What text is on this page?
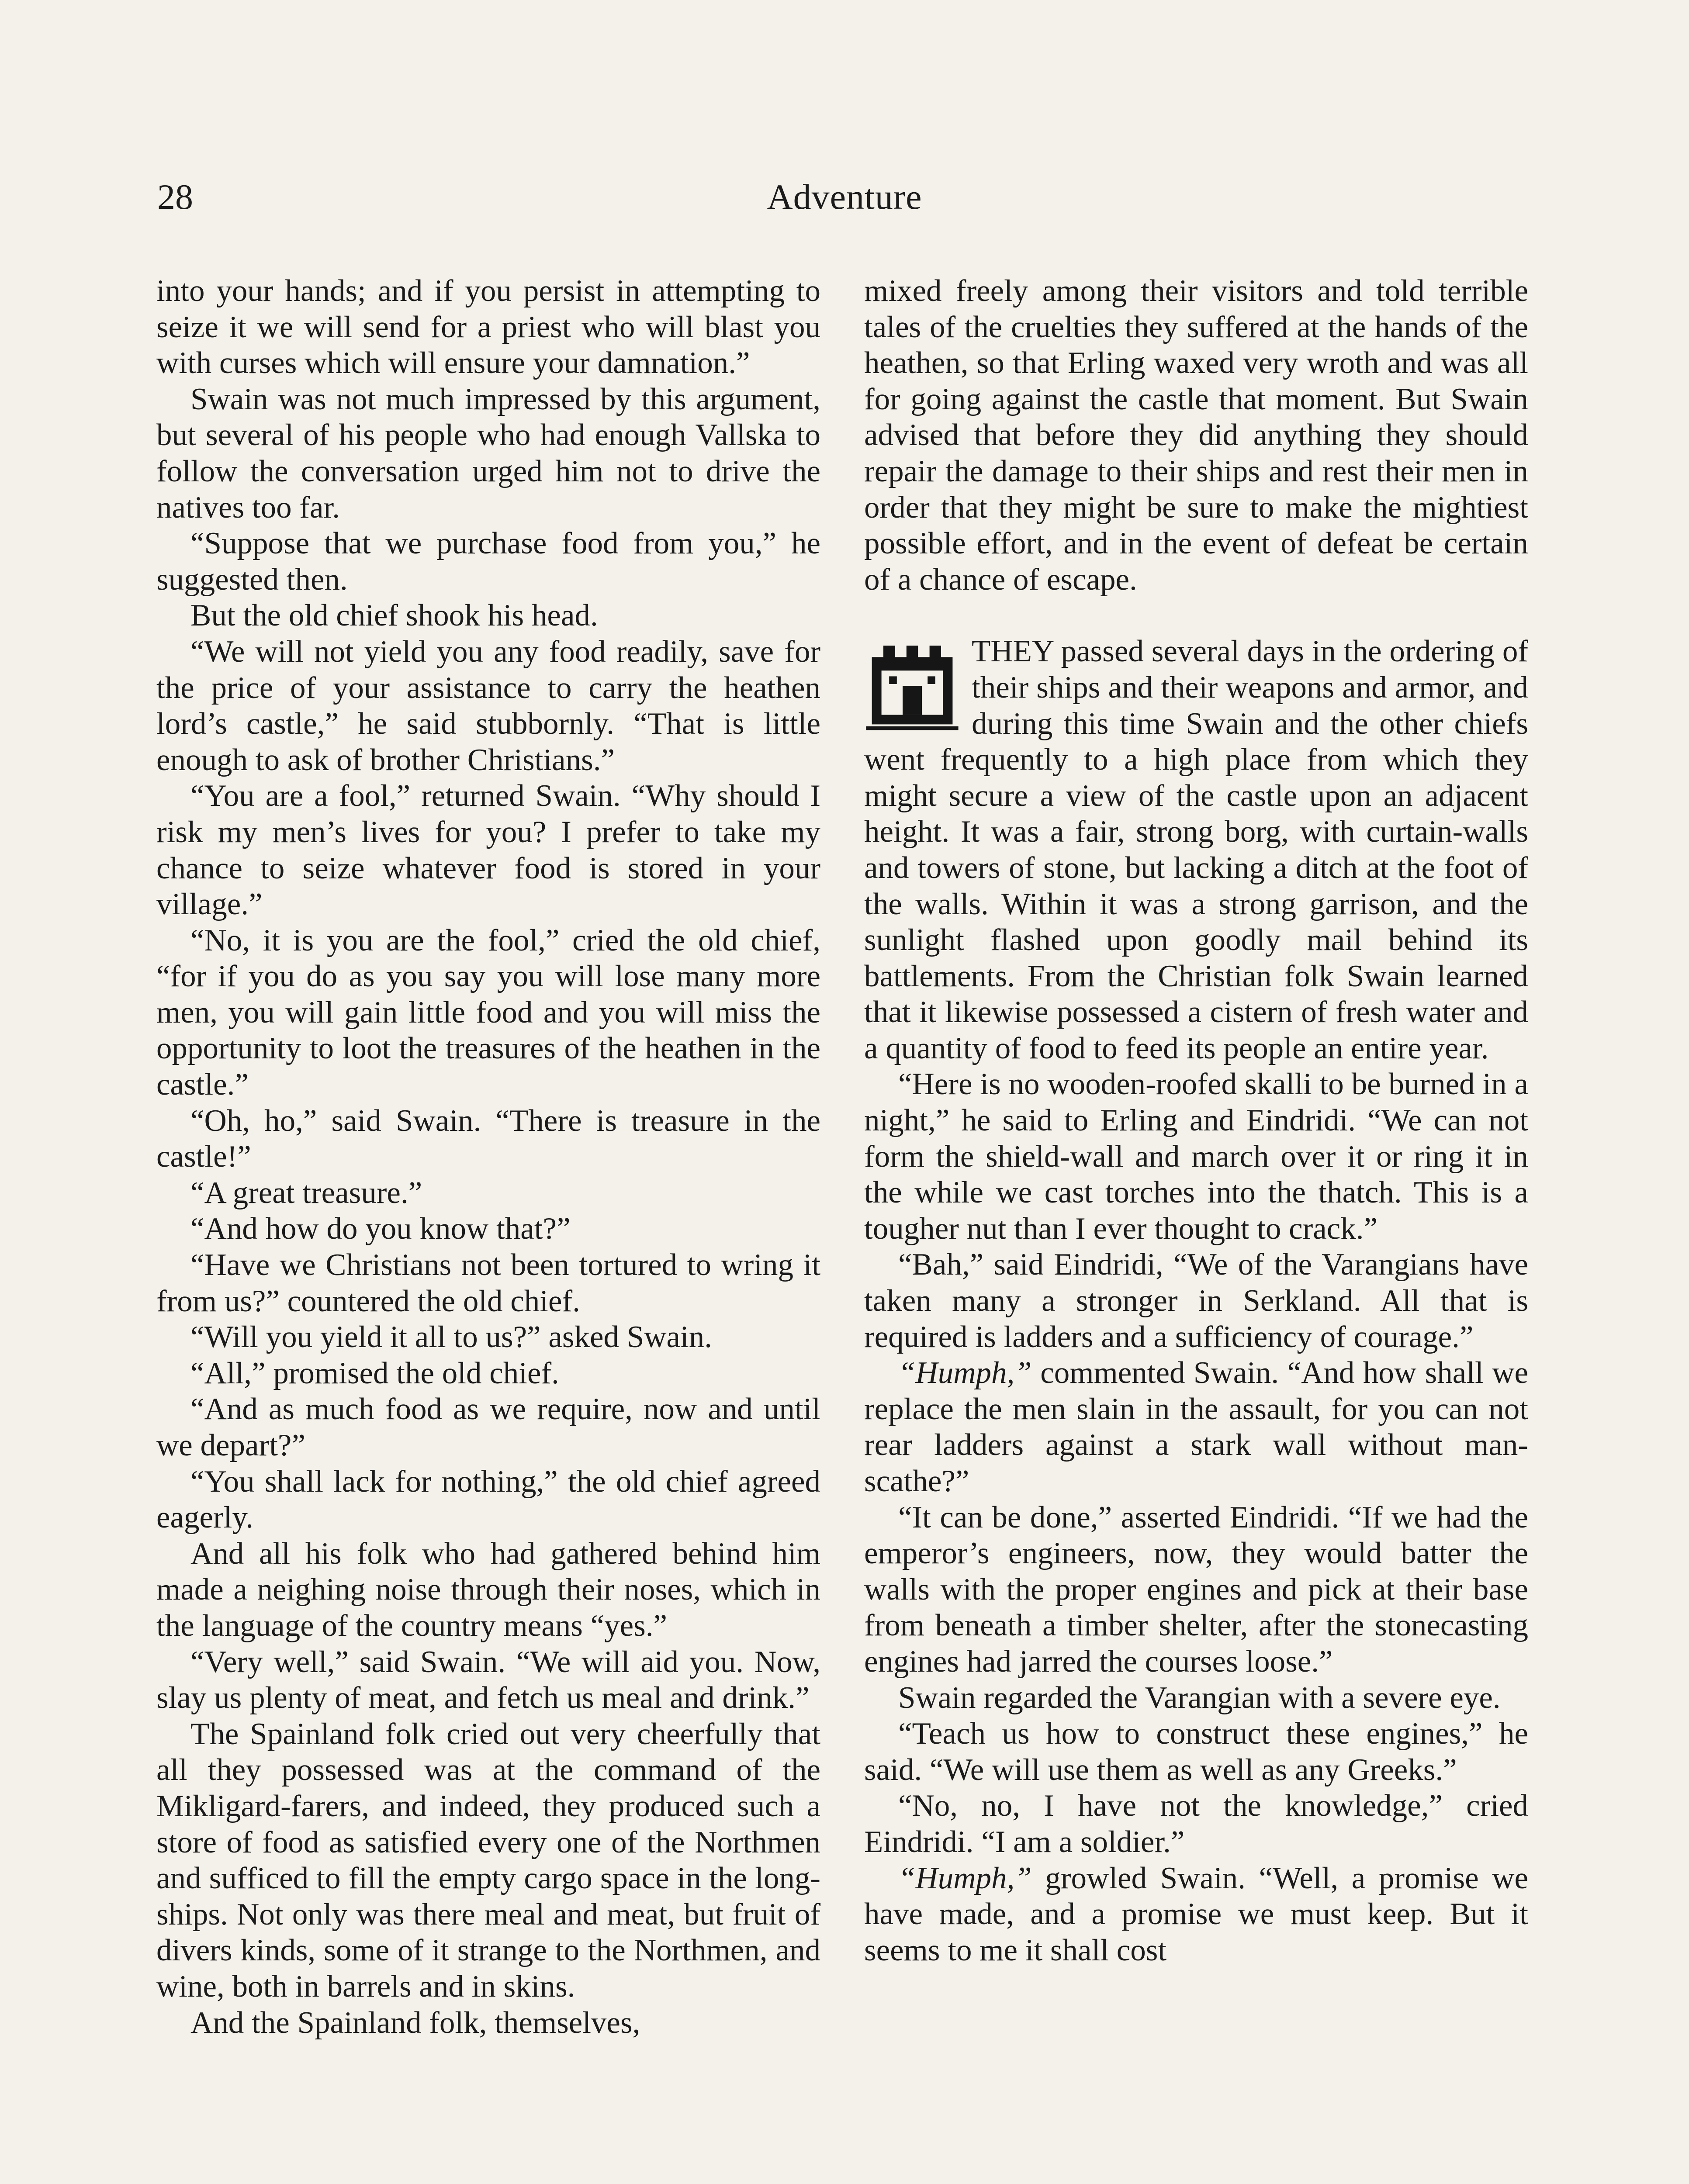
28	Adventure

into your hands; and if you persist in attempting to seize it we will send for a priest who will blast you with curses which will ensure your damnation.”

Swain was not much impressed by this argument, but several of his people who had enough Vallska to follow the conversation urged him not to drive the natives too far.

“Suppose that we purchase food from you,” he suggested then.

But the old chief shook his head.

“We will not yield you any food readily, save for the price of your assistance to carry the heathen lord’s castle,” he said stubbornly. “That is little enough to ask of brother Christians.”

“You are a fool,” returned Swain. “Why should I risk my men’s lives for you? I prefer to take my chance to seize whatever food is stored in your village.”

“No, it is you are the fool,” cried the old chief, “for if you do as you say you will lose many more men, you will gain little food and you will miss the opportunity to loot the treasures of the heathen in the castle.”

“Oh, ho,” said Swain. “There is treasure in the castle!”

“A great treasure.”

“And how do you know that?”

“Have we Christians not been tortured to wring it from us?” countered the old chief.

“Will you yield it all to us?” asked Swain.

“All,” promised the old chief.

“And as much food as we require, now and until we depart?”

“You shall lack for nothing,” the old chief agreed eagerly.

And all his folk who had gathered behind him made a neighing noise through their noses, which in the language of the country means “yes.”

“Very well,” said Swain. “We will aid you. Now, slay us plenty of meat, and fetch us meal and drink.”

The Spainland folk cried out very cheerfully that all they possessed was at the command of the Mikligard-farers, and indeed, they produced such a store of food as satisfied every one of the Northmen and sufficed to fill the empty cargo space in the long-ships. Not only was there meal and meat, but fruit of divers kinds, some of it strange to the Northmen, and wine, both in barrels and in skins.

And the Spainland folk, themselves,

mixed freely among their visitors and told terrible tales of the cruelties they suffered at the hands of the heathen, so that Erling waxed very wroth and was all for going against the castle that moment. But Swain advised that before they did anything they should repair the damage to their ships and rest their men in order that they might be sure to make the mightiest possible effort, and in the event of defeat be certain of a chance of escape.

THEY passed several days in the ordering of their ships and their weapons and armor, and during this time Swain and the other chiefs went frequently to a high place from which they might secure a view of the castle upon an adjacent height. It was a fair, strong borg, with curtain-walls and towers of stone, but lacking a ditch at the foot of the walls. Within it was a strong garrison, and the sunlight flashed upon goodly mail behind its battlements. From the Christian folk Swain learned that it likewise possessed a cistern of fresh water and a quantity of food to feed its people an entire year.

“Here is no wooden-roofed skalli to be burned in a night,” he said to Erling and Eindridi. “We can not form the shield-wall and march over it or ring it in the while we cast torches into the thatch. This is a tougher nut than I ever thought to crack.”

“Bah,” said Eindridi, “We of the Varangians have taken many a stronger in Serkland. All that is required is ladders and a sufficiency of courage.”

“Humph,” commented Swain. “And how shall we replace the men slain in the assault, for you can not rear ladders against a stark wall without man-scathe?”

“It can be done,” asserted Eindridi. “If we had the emperor’s engineers, now, they would batter the walls with the proper engines and pick at their base from beneath a timber shelter, after the stonecasting engines had jarred the courses loose.”

Swain regarded the Varangian with a severe eye.

“Teach us how to construct these engines,” he said. “We will use them as well as any Greeks.”

“No, no, I have not the knowledge,” cried Eindridi. “I am a soldier.”

“Humph,” growled Swain. “Well, a promise we have made, and a promise we must keep. But it seems to me it shall cost
